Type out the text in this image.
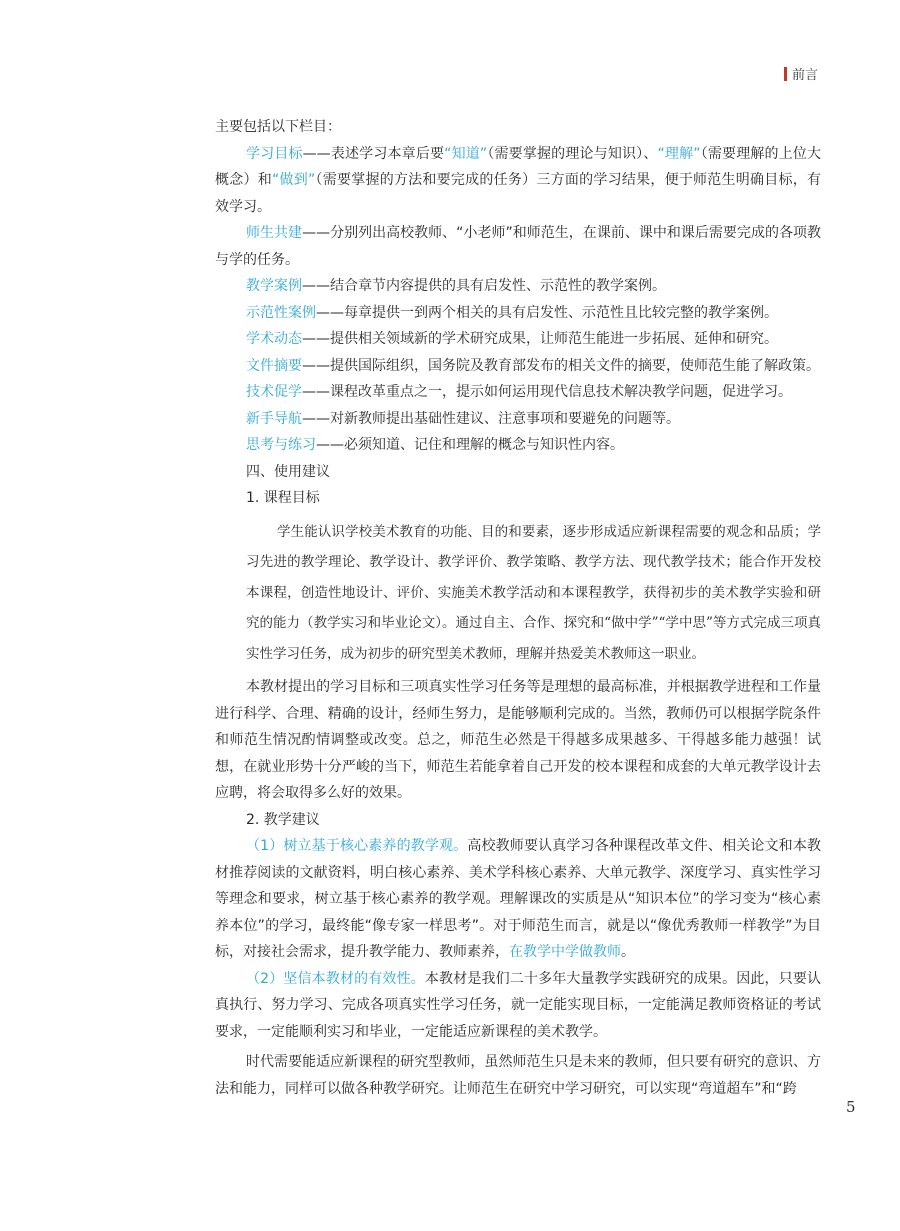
前言

主要包括以下栏目：

学习目标——表述学习本章后要“知道”（需要掌握的理论与知识）、“理解”（需要理解的上位大概念）和“做到”（需要掌握的方法和要完成的任务）三方面的学习结果，便于师范生明确目标，有效学习。

师生共建——分别列出高校教师、“小老师”和师范生，在课前、课中和课后需要完成的各项教与学的任务。

教学案例——结合章节内容提供的具有启发性、示范性的教学案例。

示范性案例——每章提供一到两个相关的具有启发性、示范性且比较完整的教学案例。

学术动态——提供相关领域新的学术研究成果，让师范生能进一步拓展、延伸和研究。

文件摘要——提供国际组织，国务院及教育部发布的相关文件的摘要，使师范生能了解政策。

技术促学——课程改革重点之一，提示如何运用现代信息技术解决教学问题，促进学习。

新手导航——对新教师提出基础性建议、注意事项和要避免的问题等。

思考与练习——必须知道、记住和理解的概念与知识性内容。

四、使用建议

1. 课程目标

学生能认识学校美术教育的功能、目的和要素，逐步形成适应新课程需要的观念和品质；学习先进的教学理论、教学设计、教学评价、教学策略、教学方法、现代教学技术；能合作开发校本课程，创造性地设计、评价、实施美术教学活动和本课程教学，获得初步的美术教学实验和研究的能力（教学实习和毕业论文）。通过自主、合作、探究和“做中学”“学中思”等方式完成三项真实性学习任务，成为初步的研究型美术教师，理解并热爱美术教师这一职业。

本教材提出的学习目标和三项真实性学习任务等是理想的最高标准，并根据教学进程和工作量进行科学、合理、精确的设计，经师生努力，是能够顺利完成的。当然，教师仍可以根据学院条件和师范生情况酌情调整或改变。总之，师范生必然是干得越多成果越多、干得越多能力越强！试想，在就业形势十分严峻的当下，师范生若能拿着自己开发的校本课程和成套的大单元教学设计去应聘，将会取得多么好的效果。

2. 教学建议

（1）树立基于核心素养的教学观。高校教师要认真学习各种课程改革文件、相关论文和本教材推荐阅读的文献资料，明白核心素养、美术学科核心素养、大单元教学、深度学习、真实性学习等理念和要求，树立基于核心素养的教学观。理解课改的实质是从“知识本位”的学习变为“核心素养本位”的学习，最终能“像专家一样思考”。对于师范生而言，就是以“像优秀教师一样教学”为目标，对接社会需求，提升教学能力、教师素养，在教学中学做教师。

（2）坚信本教材的有效性。本教材是我们二十多年大量教学实践研究的成果。因此，只要认真执行、努力学习、完成各项真实性学习任务，就一定能实现目标，一定能满足教师资格证的考试要求，一定能顺利实习和毕业，一定能适应新课程的美术教学。

时代需要能适应新课程的研究型教师，虽然师范生只是未来的教师，但只要有研究的意识、方法和能力，同样可以做各种教学研究。让师范生在研究中学习研究，可以实现“弯道超车”和“跨

5
